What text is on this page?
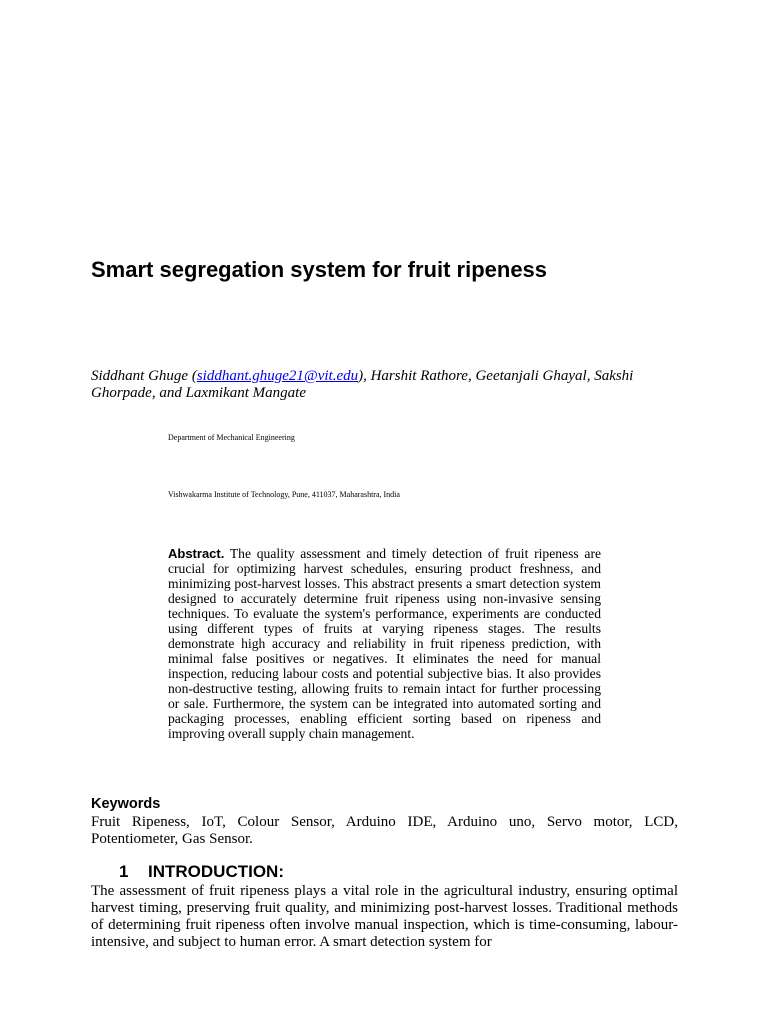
Smart segregation system for fruit ripeness
Siddhant Ghuge (siddhant.ghuge21@vit.edu), Harshit Rathore, Geetanjali Ghayal, Sakshi Ghorpade, and Laxmikant Mangate
Department of Mechanical Engineering
Vishwakarma Institute of Technology, Pune, 411037, Maharashtra, India
Abstract. The quality assessment and timely detection of fruit ripeness are crucial for optimizing harvest schedules, ensuring product freshness, and minimizing post-harvest losses. This abstract presents a smart detection system designed to accurately determine fruit ripeness using non-invasive sensing techniques. To evaluate the system's performance, experiments are conducted using different types of fruits at varying ripeness stages. The results demonstrate high accuracy and reliability in fruit ripeness prediction, with minimal false positives or negatives. It eliminates the need for manual inspection, reducing labour costs and potential subjective bias. It also provides non-destructive testing, allowing fruits to remain intact for further processing or sale. Furthermore, the system can be integrated into automated sorting and packaging processes, enabling efficient sorting based on ripeness and improving overall supply chain management.
Keywords
Fruit Ripeness, IoT, Colour Sensor, Arduino IDE, Arduino uno, Servo motor, LCD, Potentiometer, Gas Sensor.
1 INTRODUCTION:
The assessment of fruit ripeness plays a vital role in the agricultural industry, ensuring optimal harvest timing, preserving fruit quality, and minimizing post-harvest losses. Traditional methods of determining fruit ripeness often involve manual inspection, which is time-consuming, labour-intensive, and subject to human error. A smart detection system for
